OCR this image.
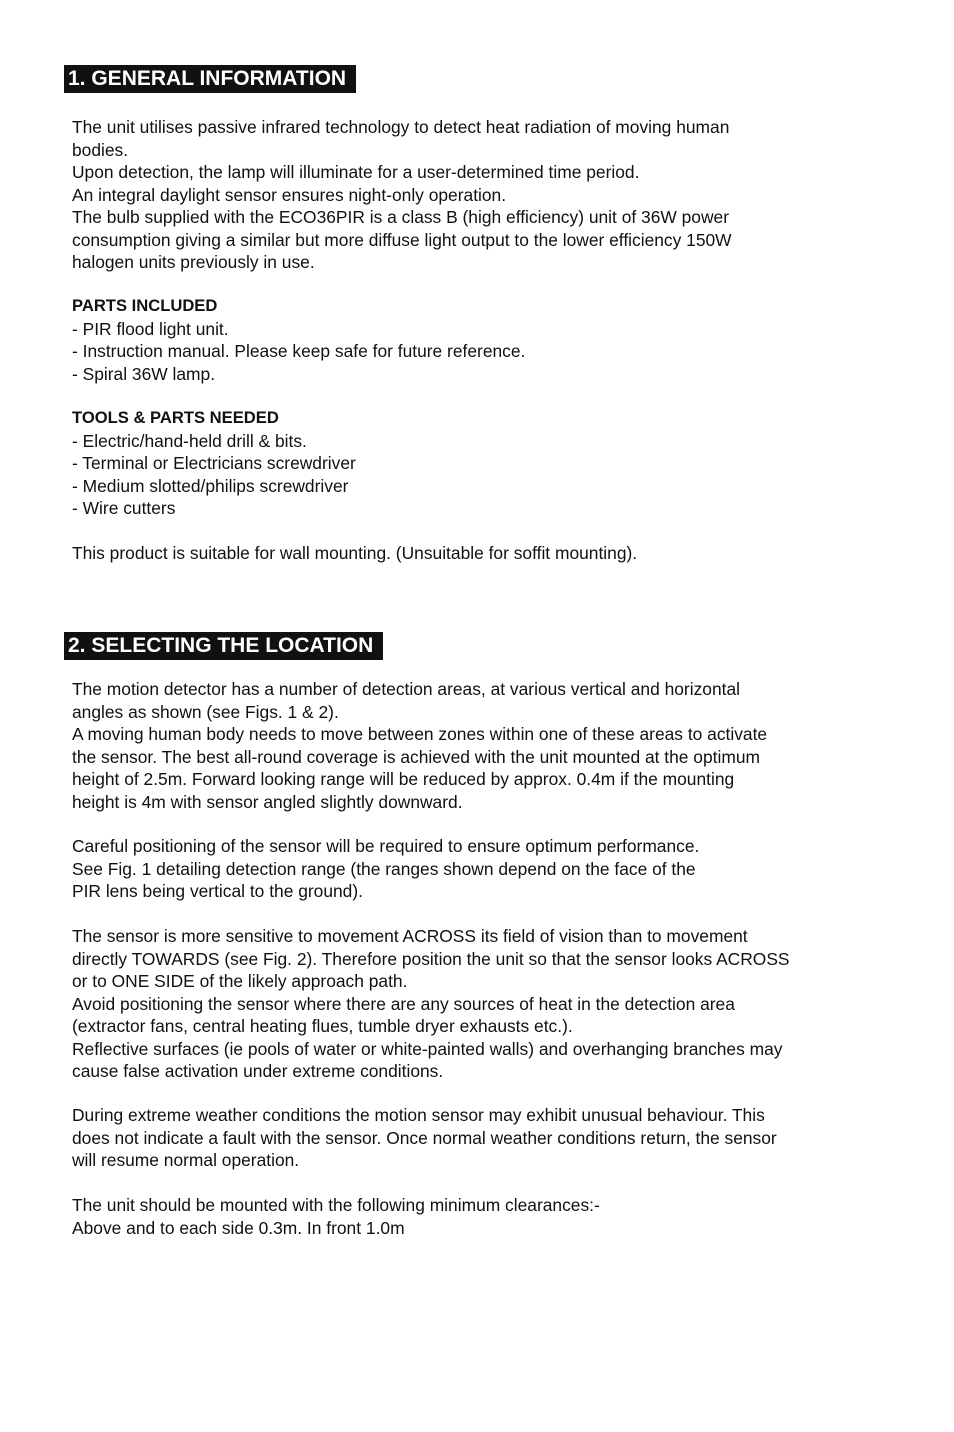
1. GENERAL INFORMATION
The unit utilises passive infrared technology to detect heat radiation of moving human
bodies.
Upon detection, the lamp will illuminate for a user-determined time period.
An integral daylight sensor ensures night-only operation.
The bulb supplied with the ECO36PIR is a class B (high efficiency) unit of 36W power
consumption giving a similar but more diffuse light output to the lower efficiency 150W
halogen units previously in use.
PARTS INCLUDED
- PIR flood light unit.
- Instruction manual. Please keep safe for future reference.
- Spiral 36W lamp.
TOOLS & PARTS NEEDED
- Electric/hand-held drill & bits.
- Terminal or Electricians screwdriver
- Medium slotted/philips screwdriver
- Wire cutters
This product is suitable for wall mounting. (Unsuitable for soffit mounting).
2. SELECTING THE LOCATION
The motion detector has a number of detection areas, at various vertical and horizontal
angles as shown (see Figs. 1 & 2).
A moving human body needs to move between zones within one of these areas to activate
the sensor. The best all-round coverage is achieved with the unit mounted at the optimum
height of 2.5m. Forward looking range will be reduced by approx. 0.4m if the mounting
height is 4m with sensor angled slightly downward.
Careful positioning of the sensor will be required to ensure optimum performance.
See Fig. 1 detailing detection range (the ranges shown depend on the face of the
PIR lens being vertical to the ground).
The sensor is more sensitive to movement ACROSS its field of vision than to movement
directly TOWARDS (see Fig. 2). Therefore position the unit so that the sensor looks ACROSS
or to ONE SIDE of the likely approach path.
Avoid positioning the sensor where there are any sources of heat in the detection area
(extractor fans, central heating flues, tumble dryer exhausts etc.).
Reflective surfaces (ie pools of water or white-painted walls) and overhanging branches may
cause false activation under extreme conditions.
During extreme weather conditions the motion sensor may exhibit unusual behaviour. This
does not indicate a fault with the sensor. Once normal weather conditions return, the sensor
will resume normal operation.
The unit should be mounted with the following minimum clearances:-
Above and to each side 0.3m. In front 1.0m
